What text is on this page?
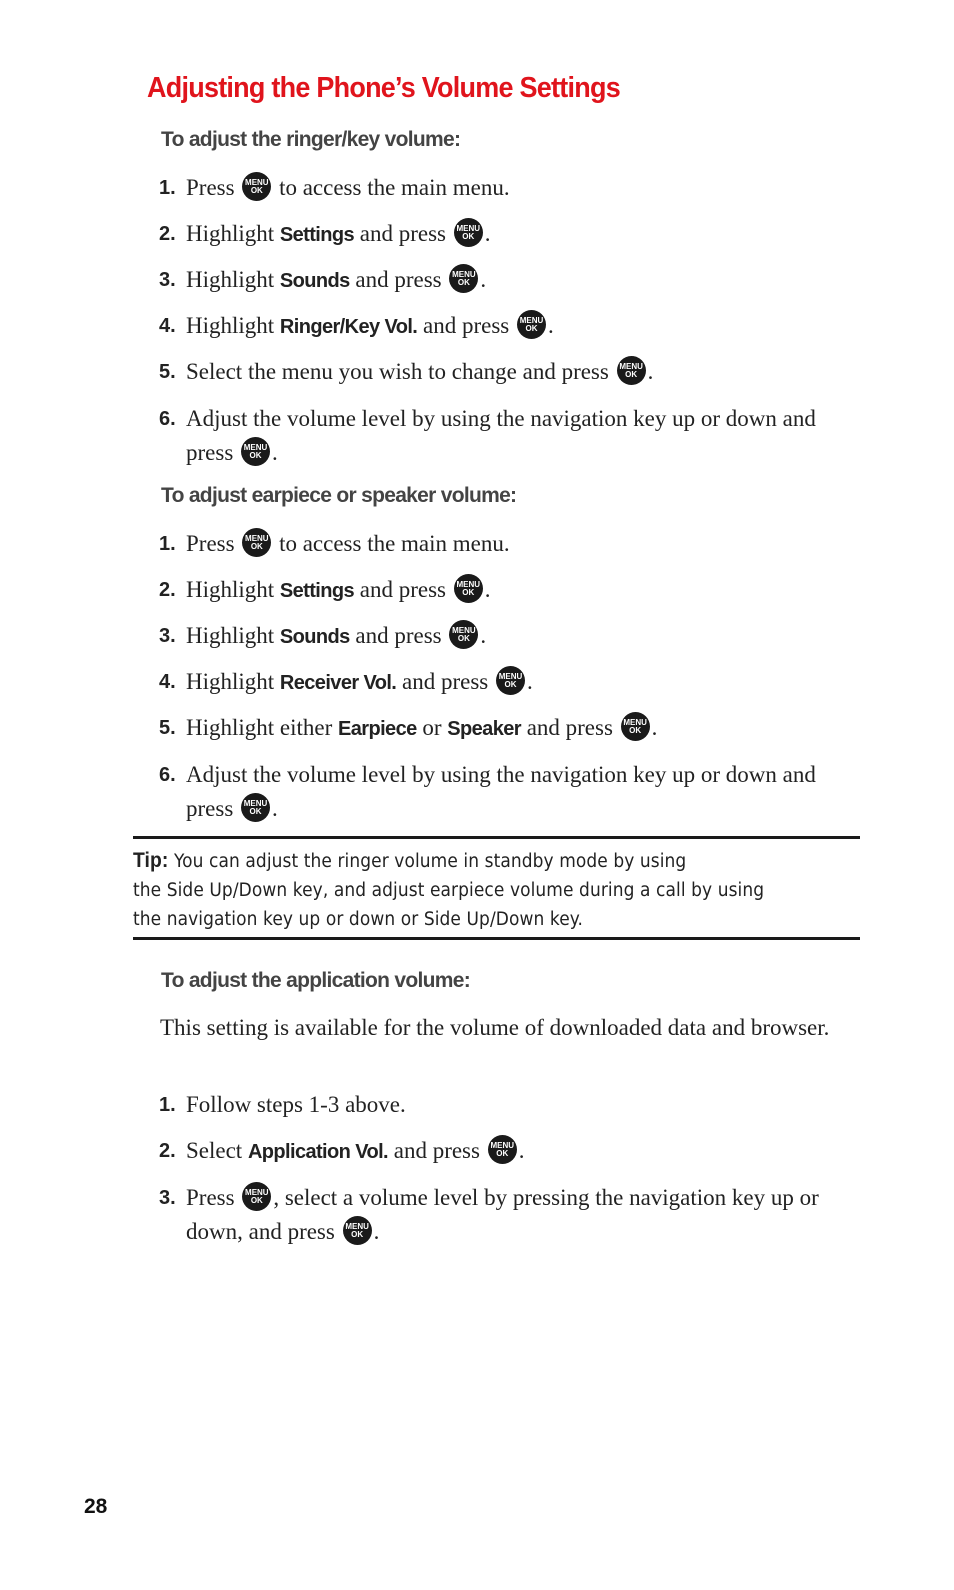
Adjusting the Phone’s Volume Settings
To adjust the ringer/key volume:
1. Press	MENU
OK to access the main menu.
2. Highlight Settings and press	MENU
OK .
3. Highlight Sounds and press	MENU
OK .
4. Highlight Ringer/Key Vol. and press	MENU
OK .
5. Select the menu you wish to change and press	MENU
OK .
6. Adjust the volume level by using the navigation key up or down and press	MENU
OK .
To adjust earpiece or speaker volume:
1. Press	MENU
OK to access the main menu.
2. Highlight Settings and press	MENU
OK .
3. Highlight Sounds and press	MENU
OK .
4. Highlight Receiver Vol. and press	MENU
OK .
5. Highlight either Earpiece or Speaker and press	MENU
OK .
6. Adjust the volume level by using the navigation key up or down and press	MENU
OK .
Tip: You can adjust the ringer volume in standby mode by using
the Side Up/Down key, and adjust earpiece volume during a call by using
the navigation key up or down or Side Up/Down key.
To adjust the application volume:
This setting is available for the volume of downloaded data and browser.
1. Follow steps 1-3 above.
2. Select Application Vol. and press	MENU
OK .
3. Press	MENU
OK , select a volume level by pressing the navigation key up or down, and press	MENU
OK .
28
